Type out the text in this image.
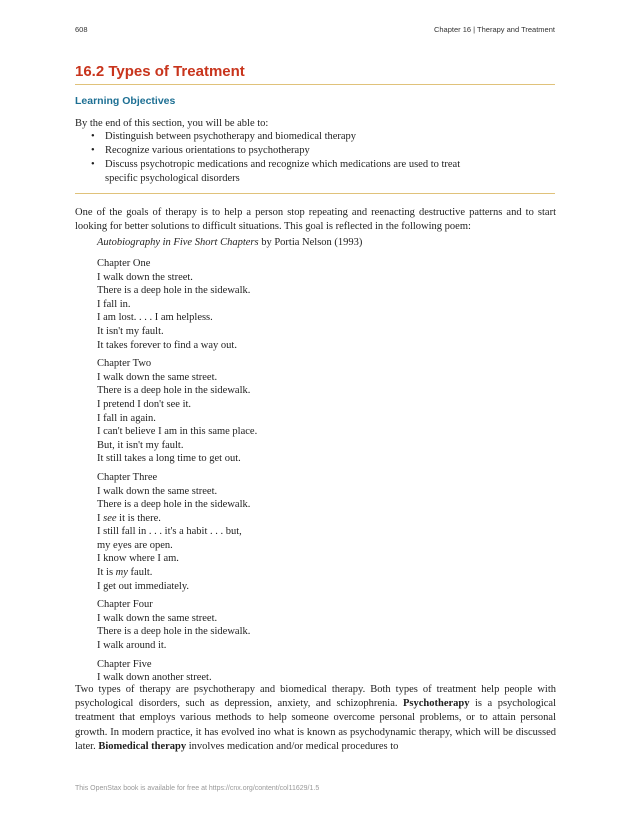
608	Chapter 16 | Therapy and Treatment
16.2 Types of Treatment
Learning Objectives
By the end of this section, you will be able to:
• Distinguish between psychotherapy and biomedical therapy
• Recognize various orientations to psychotherapy
• Discuss psychotropic medications and recognize which medications are used to treat specific psychological disorders

One of the goals of therapy is to help a person stop repeating and reenacting destructive patterns and to start looking for better solutions to difficult situations. This goal is reflected in the following poem:

Autobiography in Five Short Chapters by Portia Nelson (1993)
Chapter One
I walk down the street.
There is a deep hole in the sidewalk.
I fall in.
I am lost. . . . I am helpless.
It isn't my fault.
It takes forever to find a way out.
Chapter Two
I walk down the same street.
There is a deep hole in the sidewalk.
I pretend I don't see it.
I fall in again.
I can't believe I am in this same place.
But, it isn't my fault.
It still takes a long time to get out.
Chapter Three
I walk down the same street.
There is a deep hole in the sidewalk.
I see it is there.
I still fall in . . . it's a habit . . . but,
my eyes are open.
I know where I am.
It is my fault.
I get out immediately.
Chapter Four
I walk down the same street.
There is a deep hole in the sidewalk.
I walk around it.
Chapter Five
I walk down another street.

Two types of therapy are psychotherapy and biomedical therapy. Both types of treatment help people with psychological disorders, such as depression, anxiety, and schizophrenia. Psychotherapy is a psychological treatment that employs various methods to help someone overcome personal problems, or to attain personal growth. In modern practice, it has evolved ino what is known as psychodynamic therapy, which will be discussed later. Biomedical therapy involves medication and/or medical procedures to

This OpenStax book is available for free at https://cnx.org/content/col11629/1.5
